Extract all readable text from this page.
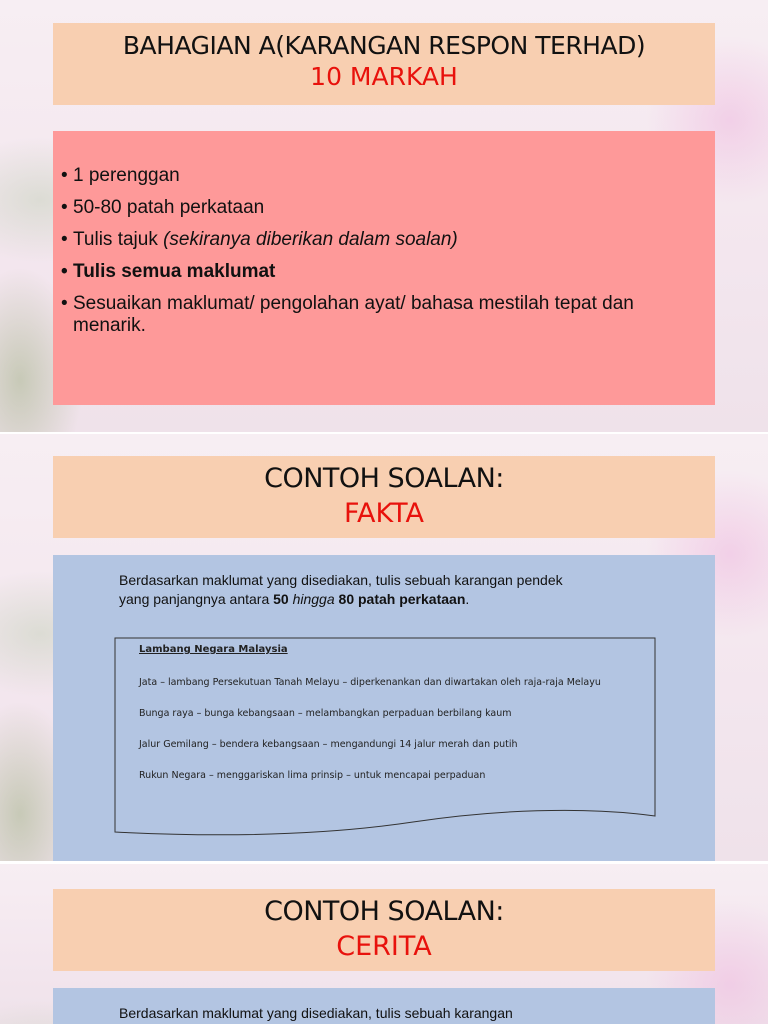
BAHAGIAN A(KARANGAN RESPON TERHAD)
10 MARKAH
• 1 perenggan
• 50-80 patah perkataan
• Tulis tajuk (sekiranya diberikan dalam soalan)
• Tulis semua maklumat
• Sesuaikan maklumat/ pengolahan ayat/ bahasa mestilah tepat dan menarik.
CONTOH SOALAN:
FAKTA
Berdasarkan maklumat yang disediakan, tulis sebuah karangan pendek yang panjangnya antara 50 hingga 80 patah perkataan.
Lambang Negara Malaysia
Jata – lambang Persekutuan Tanah Melayu – diperkenankan dan diwartakan oleh raja-raja Melayu
Bunga raya – bunga kebangsaan – melambangkan perpaduan berbilang kaum
Jalur Gemilang – bendera kebangsaan – mengandungi 14 jalur merah dan putih
Rukun Negara – menggariskan lima prinsip – untuk mencapai perpaduan
CONTOH SOALAN:
CERITA
Berdasarkan maklumat yang disediakan, tulis sebuah karangan
